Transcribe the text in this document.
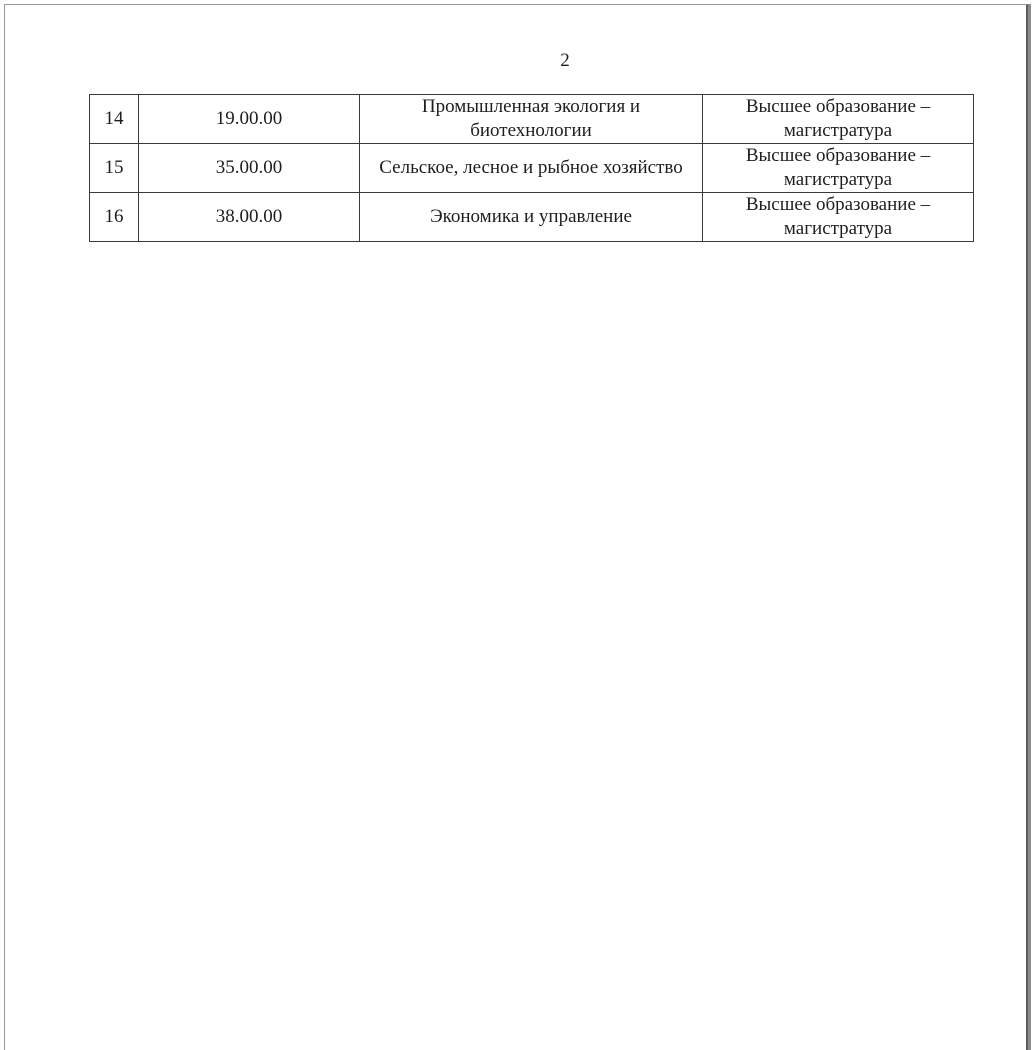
2
14	19.00.00	Промышленная экология и биотехнологии	Высшее образование – магистратура
15	35.00.00	Сельское, лесное и рыбное хозяйство	Высшее образование – магистратура
16	38.00.00	Экономика и управление	Высшее образование – магистратура
